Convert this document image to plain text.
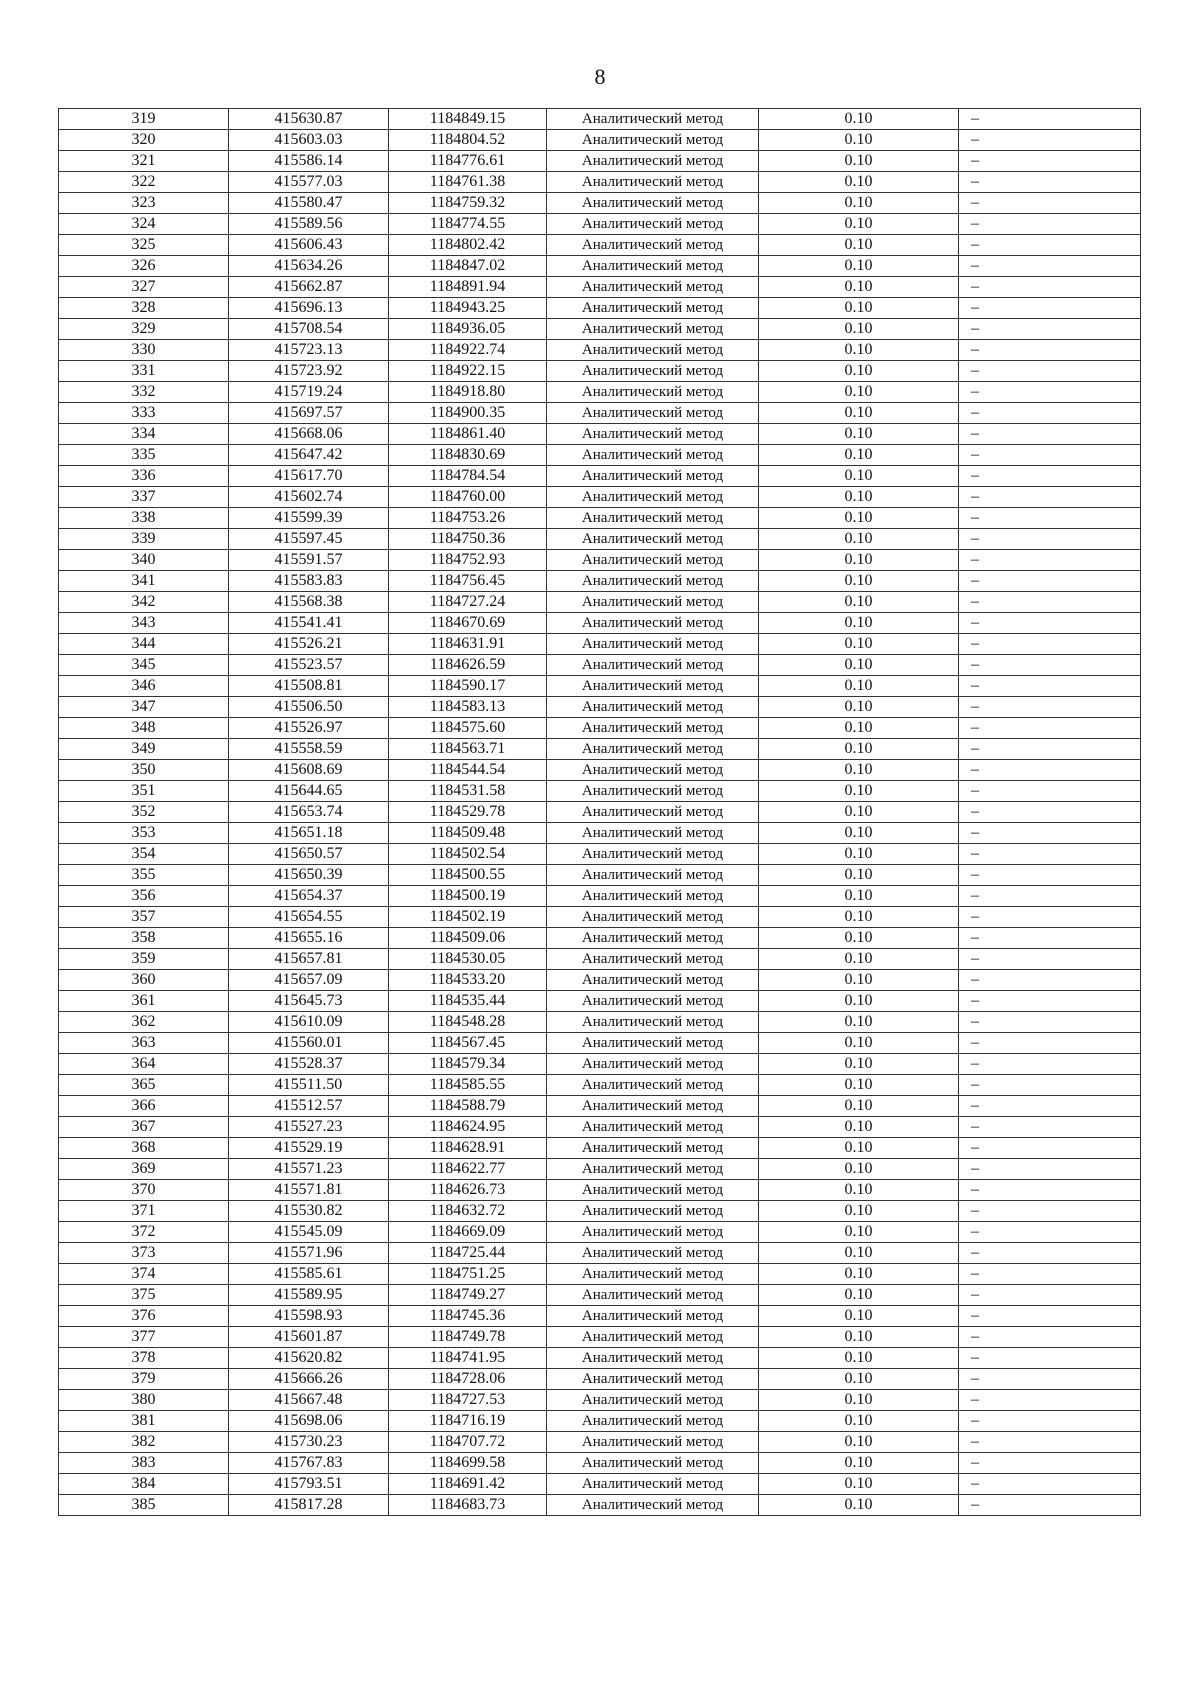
8
319	415630.87	1184849.15	Аналитический метод	0.10	–
320	415603.03	1184804.52	Аналитический метод	0.10	–
321	415586.14	1184776.61	Аналитический метод	0.10	–
322	415577.03	1184761.38	Аналитический метод	0.10	–
323	415580.47	1184759.32	Аналитический метод	0.10	–
324	415589.56	1184774.55	Аналитический метод	0.10	–
325	415606.43	1184802.42	Аналитический метод	0.10	–
326	415634.26	1184847.02	Аналитический метод	0.10	–
327	415662.87	1184891.94	Аналитический метод	0.10	–
328	415696.13	1184943.25	Аналитический метод	0.10	–
329	415708.54	1184936.05	Аналитический метод	0.10	–
330	415723.13	1184922.74	Аналитический метод	0.10	–
331	415723.92	1184922.15	Аналитический метод	0.10	–
332	415719.24	1184918.80	Аналитический метод	0.10	–
333	415697.57	1184900.35	Аналитический метод	0.10	–
334	415668.06	1184861.40	Аналитический метод	0.10	–
335	415647.42	1184830.69	Аналитический метод	0.10	–
336	415617.70	1184784.54	Аналитический метод	0.10	–
337	415602.74	1184760.00	Аналитический метод	0.10	–
338	415599.39	1184753.26	Аналитический метод	0.10	–
339	415597.45	1184750.36	Аналитический метод	0.10	–
340	415591.57	1184752.93	Аналитический метод	0.10	–
341	415583.83	1184756.45	Аналитический метод	0.10	–
342	415568.38	1184727.24	Аналитический метод	0.10	–
343	415541.41	1184670.69	Аналитический метод	0.10	–
344	415526.21	1184631.91	Аналитический метод	0.10	–
345	415523.57	1184626.59	Аналитический метод	0.10	–
346	415508.81	1184590.17	Аналитический метод	0.10	–
347	415506.50	1184583.13	Аналитический метод	0.10	–
348	415526.97	1184575.60	Аналитический метод	0.10	–
349	415558.59	1184563.71	Аналитический метод	0.10	–
350	415608.69	1184544.54	Аналитический метод	0.10	–
351	415644.65	1184531.58	Аналитический метод	0.10	–
352	415653.74	1184529.78	Аналитический метод	0.10	–
353	415651.18	1184509.48	Аналитический метод	0.10	–
354	415650.57	1184502.54	Аналитический метод	0.10	–
355	415650.39	1184500.55	Аналитический метод	0.10	–
356	415654.37	1184500.19	Аналитический метод	0.10	–
357	415654.55	1184502.19	Аналитический метод	0.10	–
358	415655.16	1184509.06	Аналитический метод	0.10	–
359	415657.81	1184530.05	Аналитический метод	0.10	–
360	415657.09	1184533.20	Аналитический метод	0.10	–
361	415645.73	1184535.44	Аналитический метод	0.10	–
362	415610.09	1184548.28	Аналитический метод	0.10	–
363	415560.01	1184567.45	Аналитический метод	0.10	–
364	415528.37	1184579.34	Аналитический метод	0.10	–
365	415511.50	1184585.55	Аналитический метод	0.10	–
366	415512.57	1184588.79	Аналитический метод	0.10	–
367	415527.23	1184624.95	Аналитический метод	0.10	–
368	415529.19	1184628.91	Аналитический метод	0.10	–
369	415571.23	1184622.77	Аналитический метод	0.10	–
370	415571.81	1184626.73	Аналитический метод	0.10	–
371	415530.82	1184632.72	Аналитический метод	0.10	–
372	415545.09	1184669.09	Аналитический метод	0.10	–
373	415571.96	1184725.44	Аналитический метод	0.10	–
374	415585.61	1184751.25	Аналитический метод	0.10	–
375	415589.95	1184749.27	Аналитический метод	0.10	–
376	415598.93	1184745.36	Аналитический метод	0.10	–
377	415601.87	1184749.78	Аналитический метод	0.10	–
378	415620.82	1184741.95	Аналитический метод	0.10	–
379	415666.26	1184728.06	Аналитический метод	0.10	–
380	415667.48	1184727.53	Аналитический метод	0.10	–
381	415698.06	1184716.19	Аналитический метод	0.10	–
382	415730.23	1184707.72	Аналитический метод	0.10	–
383	415767.83	1184699.58	Аналитический метод	0.10	–
384	415793.51	1184691.42	Аналитический метод	0.10	–
385	415817.28	1184683.73	Аналитический метод	0.10	–
